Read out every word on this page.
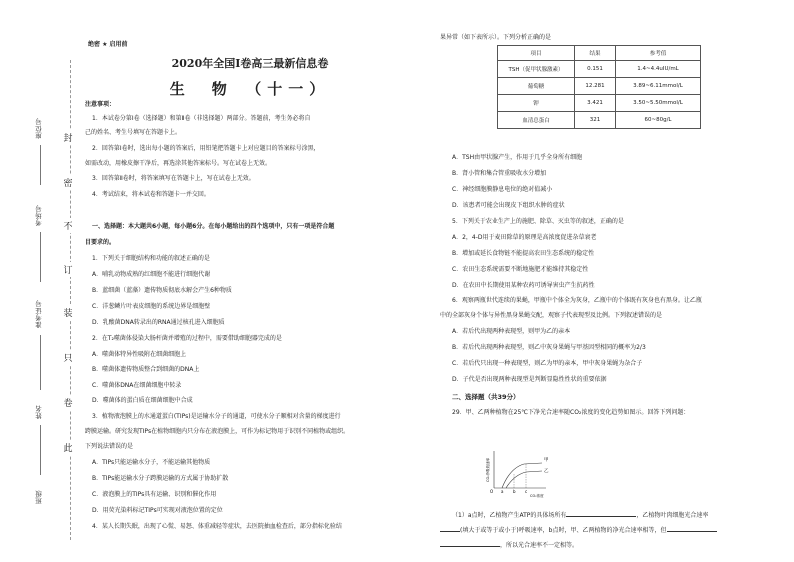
封
密
不
订
装
只
卷
此
座位号
考场号
准考证号
姓名
班级
绝密 ★ 启用前
2020年全国Ⅰ卷高三最新信息卷
生　物　（十一）
注意事项：
1．本试卷分第Ⅰ卷（选择题）和第Ⅱ卷（非选择题）两部分。答题前，考生务必将自
己的姓名、考生号填写在答题卡上。
2．回答第Ⅰ卷时，选出每小题的答案后，用铅笔把答题卡上对应题目的答案标号涂黑，
如需改动，用橡皮擦干净后，再选涂其他答案标号。写在试卷上无效。
3．回答第Ⅱ卷时，将答案填写在答题卡上，写在试卷上无效。
4．考试结束，将本试卷和答题卡一并交回。
一、选择题：本大题共6小题，每小题6分。在每小题给出的四个选项中，只有一项是符合题
目要求的。
1．下列关于细胞结构和功能的叙述正确的是
A．哺乳动物成熟的红细胞不能进行细胞代谢
B．蓝细菌（蓝藻）遗传物质彻底水解会产生6种物质
C．洋葱鳞片叶表皮细胞的系统边界是细胞壁
D．乳酸菌DNA转录出的RNA通过核孔进入细胞质
2．在T₂噬菌体侵染大肠杆菌并增殖的过程中，需要借助细胞器完成的是
A．噬菌体特异性吸附在细菌细胞上
B．噬菌体遗传物质整合到细菌的DNA上
C．噬菌体DNA在细菌细胞中转录
D．噬菌体的蛋白质在细菌细胞中合成
3．植物液泡膜上的水通道蛋白(TIPs)是运输水分子的通道，可使水分子顺相对含量的梯度进行
跨膜运输。研究发现TIPs在植物细胞内只分布在液泡膜上，可作为标记物用于识别不同植物或组织。
下列说法错误的是
A．TIPs只能运输水分子，不能运输其他物质
B．TIPs能运输水分子跨膜运输的方式属于协助扩散
C．液泡膜上的TIPs具有运输、识别和催化作用
D．用荧光染料标记TIPs可实现对液泡位置的定位
4．某人长期失眠，出现了心慌、易怒、体重减轻等症状，去医院抽血检查后，部分指标化验结
果异常（如下表所示）。下列分析正确的是
项目	结果	参考值
TSH（促甲状腺激素）	0.151	1.4~4.4uIU/mL
葡萄糖	12.281	3.89~6.11mmol/L
钾	3.421	3.50~5.50mmol/L
血清总蛋白	321	60~80g/L
A．TSH由甲状腺产生，作用于几乎全身所有细胞
B．肾小管和集合管重吸收水分增加
C．神经细胞膜静息电位的绝对值减小
D．该患者可能会出现皮下组织水肿的症状
5．下列关于农业生产上的施肥、除草、灭虫等的叙述，正确的是
A．2，4-D用于麦田除草的原理是高浓度促进杂草衰老
B．增加或延长食物链不能提高农田生态系统的稳定性
C．农田生态系统需要不断地施肥才能维持其稳定性
D．在农田中长期使用某种农药可诱导害虫产生抗药性
6．观察两瓶世代连续的果蝇，甲瓶中个体全为灰身，乙瓶中的个体既有灰身也有黑身。让乙瓶
中的全部灰身个体与异性黑身果蝇交配，观察子代表现型及比例。下列叙述错误的是
A．若后代出现两种表现型，则甲为乙的亲本
B．若后代出现两种表现型，则乙中灰身果蝇与甲基因型相同的概率为2/3
C．若后代只出现一种表现型，则乙为甲的亲本，甲中灰身果蝇为杂合子
D．子代是否出现两种表现型是判断显隐性性状的重要依据
二、选择题（共39分）
29．甲、乙两种植物在25℃下净光合速率随CO₂浓度的变化趋势如图示。回答下列问题：
甲
乙
O a b c
CO₂浓度
CO₂净吸收速率
（1）a点时，乙植物产生ATP的具体场所有	，乙植物叶肉细胞光合速率
(填大于或等于或小于)呼吸速率，b点时，甲、乙两植物的净光合速率相等，但
，所以光合速率不一定相等。
